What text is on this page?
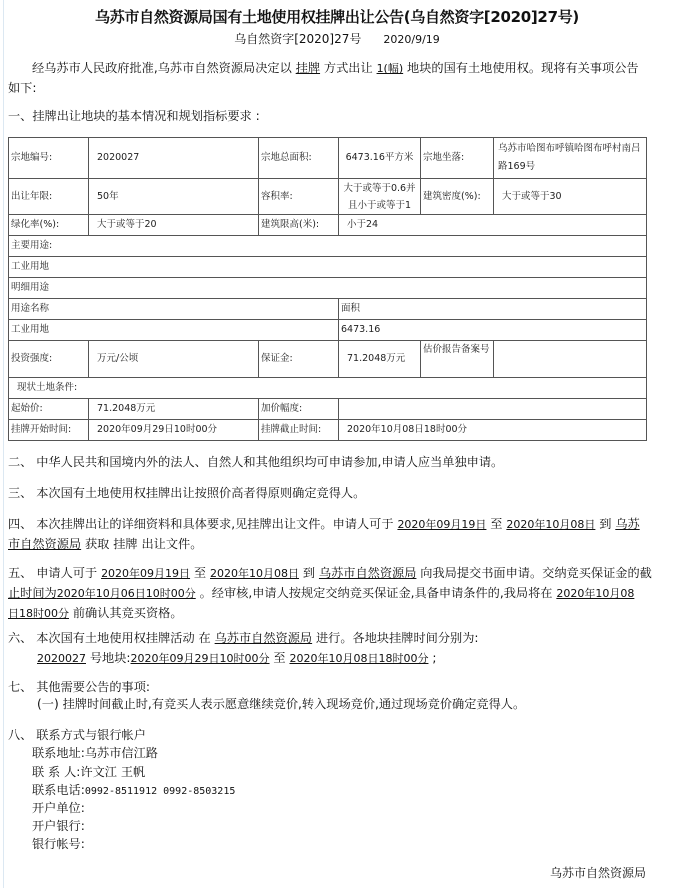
乌苏市自然资源局国有土地使用权挂牌出让公告(乌自然资字[2020]27号)
乌自然资字[2020]27号 2020/9/19
经乌苏市人民政府批准,乌苏市自然资源局决定以 挂牌 方式出让 1(幅) 地块的国有土地使用权。现将有关事项公告
如下:
一、挂牌出让地块的基本情况和规划指标要求 :
宗地编号:	2020027	宗地总面积:	6473.16平方米	宗地坐落:	乌苏市哈图布呼镇哈图布呼村南吕路169号
出让年限:	50年	容积率:	大于或等于0.6并且小于或等于1	建筑密度(%):	大于或等于30
绿化率(%):	大于或等于20	建筑限高(米):	小于24		
主要用途:					
工业用地					
明细用途					
用途名称			面积		
工业用地			6473.16		
投资强度:	万元/公顷	保证金:	71.2048万元	估价报告备案号	
现状土地条件:					
起始价:	71.2048万元	加价幅度:			
挂牌开始时间:	2020年09月29日10时00分	挂牌截止时间:	2020年10月08日18时00分		
二、 中华人民共和国境内外的法人、自然人和其他组织均可申请参加,申请人应当单独申请。
三、 本次国有土地使用权挂牌出让按照价高者得原则确定竞得人。
四、 本次挂牌出让的详细资料和具体要求,见挂牌出让文件。申请人可于 2020年09月19日 至 2020年10月08日 到 乌苏
市自然资源局 获取 挂牌 出让文件。
五、 申请人可于 2020年09月19日 至 2020年10月08日 到 乌苏市自然资源局 向我局提交书面申请。交纳竞买保证金的截
止时间为2020年10月06日10时00分 。经审核,申请人按规定交纳竞买保证金,具备申请条件的,我局将在 2020年10月08
日18时00分 前确认其竞买资格。
六、 本次国有土地使用权挂牌活动 在 乌苏市自然资源局 进行。各地块挂牌时间分别为:
2020027 号地块:2020年09月29日10时00分 至 2020年10月08日18时00分 ;
七、 其他需要公告的事项:
(一) 挂牌时间截止时,有竞买人表示愿意继续竞价,转入现场竞价,通过现场竞价确定竞得人。
八、 联系方式与银行帐户
联系地址:乌苏市信江路
联 系 人:许文江 王帆
联系电话:0992-8511912 0992-8503215
开户单位:
开户银行:
银行帐号:
乌苏市自然资源局
